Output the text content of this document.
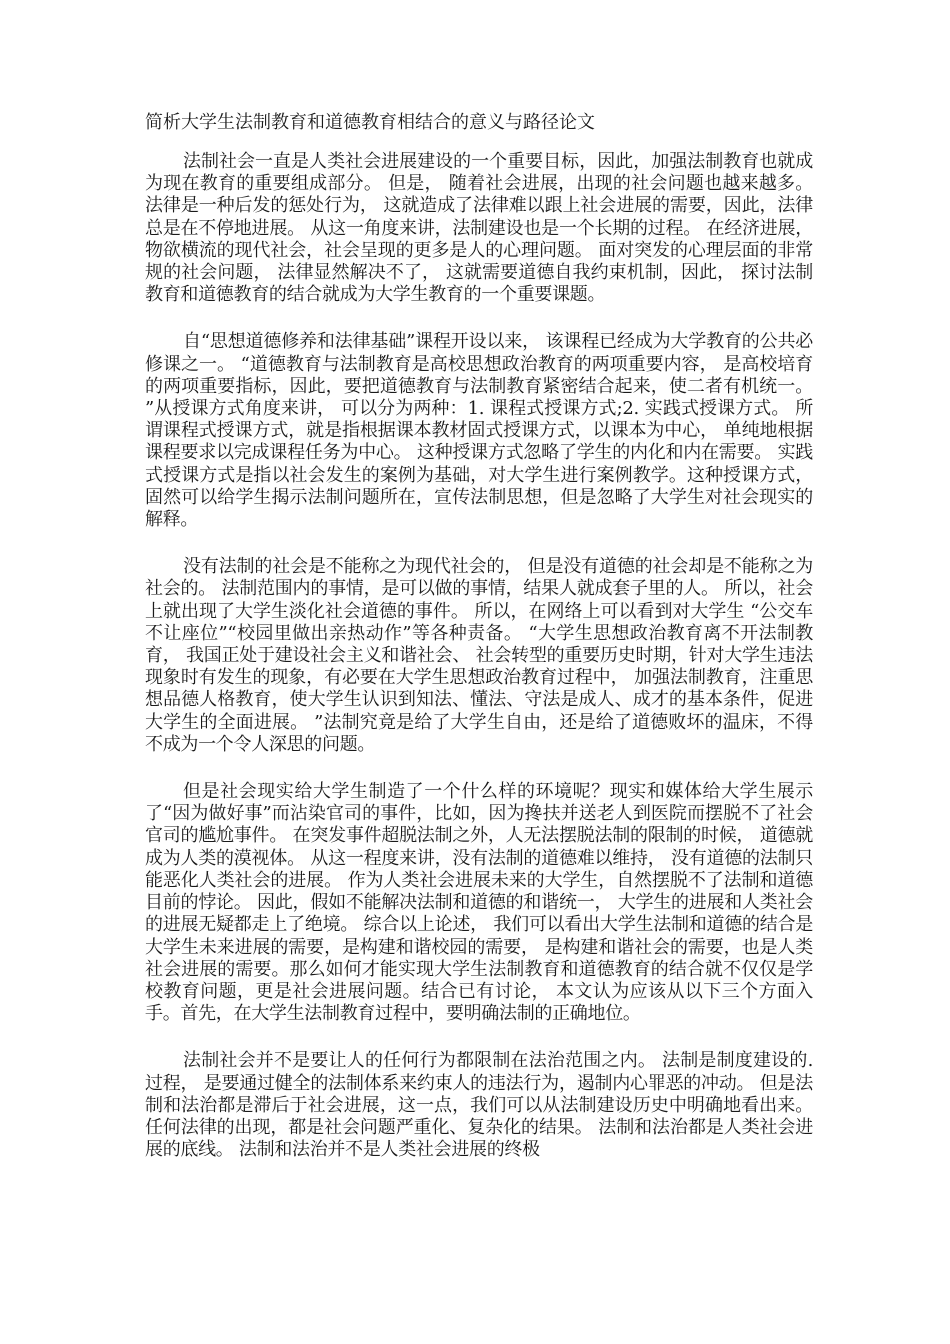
简析大学生法制教育和道德教育相结合的意义与路径论文

法制社会一直是人类社会进展建设的一个重要目标，因此，加强法制教育也就成为现在教育的重要组成部分。 但是， 随着社会进展，出现的社会问题也越来越多。 法律是一种后发的惩处行为， 这就造成了法律难以跟上社会进展的需要，因此，法律总是在不停地进展。 从这一角度来讲，法制建设也是一个长期的过程。 在经济进展，物欲横流的现代社会，社会呈现的更多是人的心理问题。 面对突发的心理层面的非常规的社会问题， 法律显然解决不了， 这就需要道德自我约束机制，因此， 探讨法制教育和道德教育的结合就成为大学生教育的一个重要课题。

自“思想道德修养和法律基础”课程开设以来， 该课程已经成为大学教育的公共必修课之一。 “道德教育与法制教育是高校思想政治教育的两项重要内容， 是高校培育的两项重要指标，因此，要把道德教育与法制教育紧密结合起来，使二者有机统一。 ”从授课方式角度来讲， 可以分为两种：1. 课程式授课方式;2. 实践式授课方式。 所谓课程式授课方式，就是指根据课本教材固式授课方式，以课本为中心， 单纯地根据课程要求以完成课程任务为中心。 这种授课方式忽略了学生的内化和内在需要。 实践式授课方式是指以社会发生的案例为基础，对大学生进行案例教学。这种授课方式， 固然可以给学生揭示法制问题所在，宣传法制思想，但是忽略了大学生对社会现实的解释。

没有法制的社会是不能称之为现代社会的， 但是没有道德的社会却是不能称之为社会的。 法制范围内的事情，是可以做的事情，结果人就成套子里的人。 所以，社会上就出现了大学生淡化社会道德的事件。 所以，在网络上可以看到对大学生 “公交车不让座位”“校园里做出亲热动作”等各种责备。 “大学生思想政治教育离不开法制教育， 我国正处于建设社会主义和谐社会、 社会转型的重要历史时期，针对大学生违法现象时有发生的现象，有必要在大学生思想政治教育过程中， 加强法制教育，注重思想品德人格教育，使大学生认识到知法、懂法、守法是成人、成才的基本条件，促进大学生的全面进展。 ”法制究竟是给了大学生自由，还是给了道德败坏的温床，不得不成为一个令人深思的问题。

但是社会现实给大学生制造了一个什么样的环境呢？现实和媒体给大学生展示了“因为做好事”而沾染官司的事件，比如，因为搀扶并送老人到医院而摆脱不了社会官司的尴尬事件。 在突发事件超脱法制之外，人无法摆脱法制的限制的时候， 道德就成为人类的漠视体。 从这一程度来讲，没有法制的道德难以维持， 没有道德的法制只能恶化人类社会的进展。 作为人类社会进展未来的大学生，自然摆脱不了法制和道德目前的悖论。 因此，假如不能解决法制和道德的和谐统一， 大学生的进展和人类社会的进展无疑都走上了绝境。 综合以上论述， 我们可以看出大学生法制和道德的结合是大学生未来进展的需要，是构建和谐校园的需要， 是构建和谐社会的需要，也是人类社会进展的需要。那么如何才能实现大学生法制教育和道德教育的结合就不仅仅是学校教育问题，更是社会进展问题。结合已有讨论， 本文认为应该从以下三个方面入手。首先，在大学生法制教育过程中，要明确法制的正确地位。

法制社会并不是要让人的任何行为都限制在法治范围之内。 法制是制度建设的.过程， 是要通过健全的法制体系来约束人的违法行为，遏制内心罪恶的冲动。 但是法制和法治都是滞后于社会进展，这一点，我们可以从法制建设历史中明确地看出来。任何法律的出现，都是社会问题严重化、复杂化的结果。 法制和法治都是人类社会进展的底线。 法制和法治并不是人类社会进展的终极
